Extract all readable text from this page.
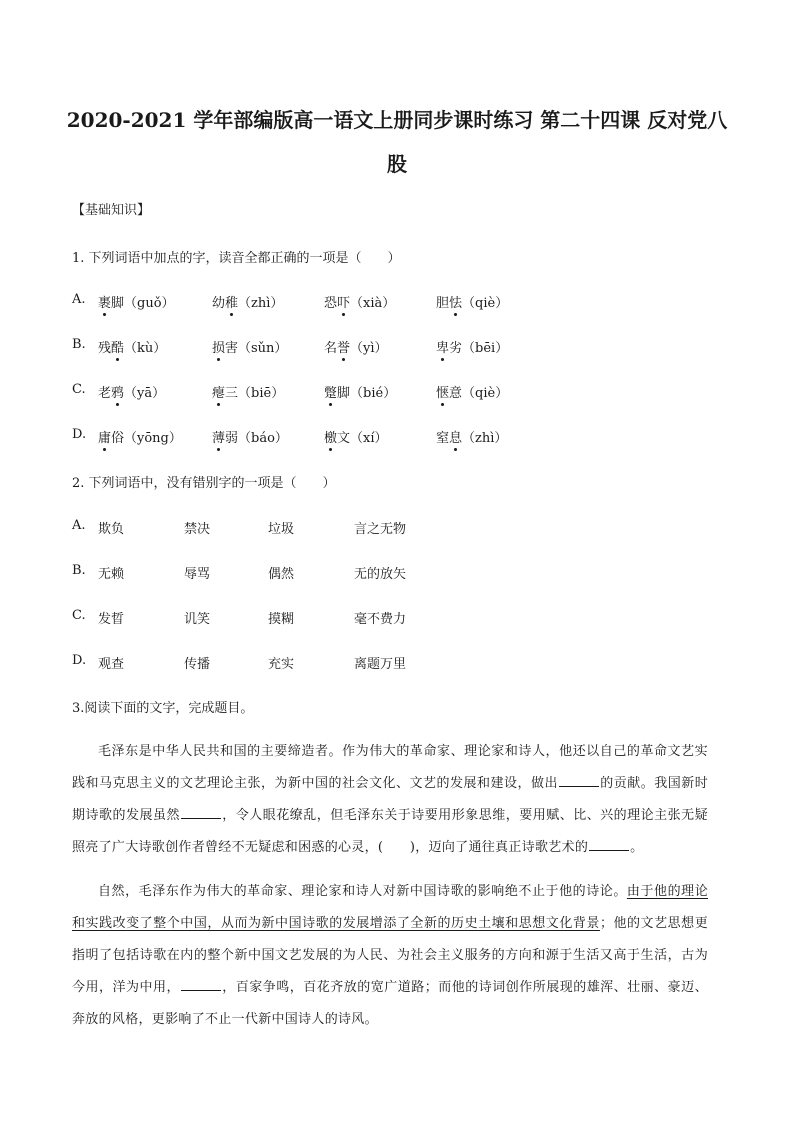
2020-2021 学年部编版高一语文上册同步课时练习 第二十四课 反对党八股
【基础知识】
1. 下列词语中加点的字，读音全都正确的一项是（　　）
A. 裹脚（guǒ）	幼稚（zhì）	恐吓（xià）	胆怯（qiè）
B. 残酷（kù）	损害（sǔn）	名誉（yì）	卑劣（bēi）
C. 老鸦（yā）	瘪三（biē）	蹩脚（bié）	惬意（qiè）
D. 庸俗（yōng） 薄弱（báo）	檄文（xí）	窒息（zhì）
2. 下列词语中，没有错别字的一项是（　　）
A. 欺负	禁决	垃圾	言之无物
B. 无赖	辱骂	偶然	无的放矢
C. 发晢	讥笑	摸糊	毫不费力
D. 观查	传播	充实	离题万里
3.阅读下面的文字，完成题目。
毛泽东是中华人民共和国的主要缔造者。作为伟大的革命家、理论家和诗人，他还以自己的革命文艺实践和马克思主义的文艺理论主张，为新中国的社会文化、文艺的发展和建设，做出	的贡献。我国新时期诗歌的发展虽然	，令人眼花缭乱，但毛泽东关于诗要用形象思维，要用赋、比、兴的理论主张无疑照亮了广大诗歌创作者曾经不无疑虑和困惑的心灵，(　　)，迈向了通往真正诗歌艺术的	。
自然，毛泽东作为伟大的革命家、理论家和诗人对新中国诗歌的影响绝不止于他的诗论。由于他的理论和实践改变了整个中国，从而为新中国诗歌的发展增添了全新的历史土壤和思想文化背景；他的文艺思想更指明了包括诗歌在内的整个新中国文艺发展的为人民、为社会主义服务的方向和源于生活又高于生活，古为今用，洋为中用，	，百家争鸣，百花齐放的宽广道路；而他的诗词创作所展现的雄浑、壮丽、豪迈、奔放的风格，更影响了不止一代新中国诗人的诗风。
